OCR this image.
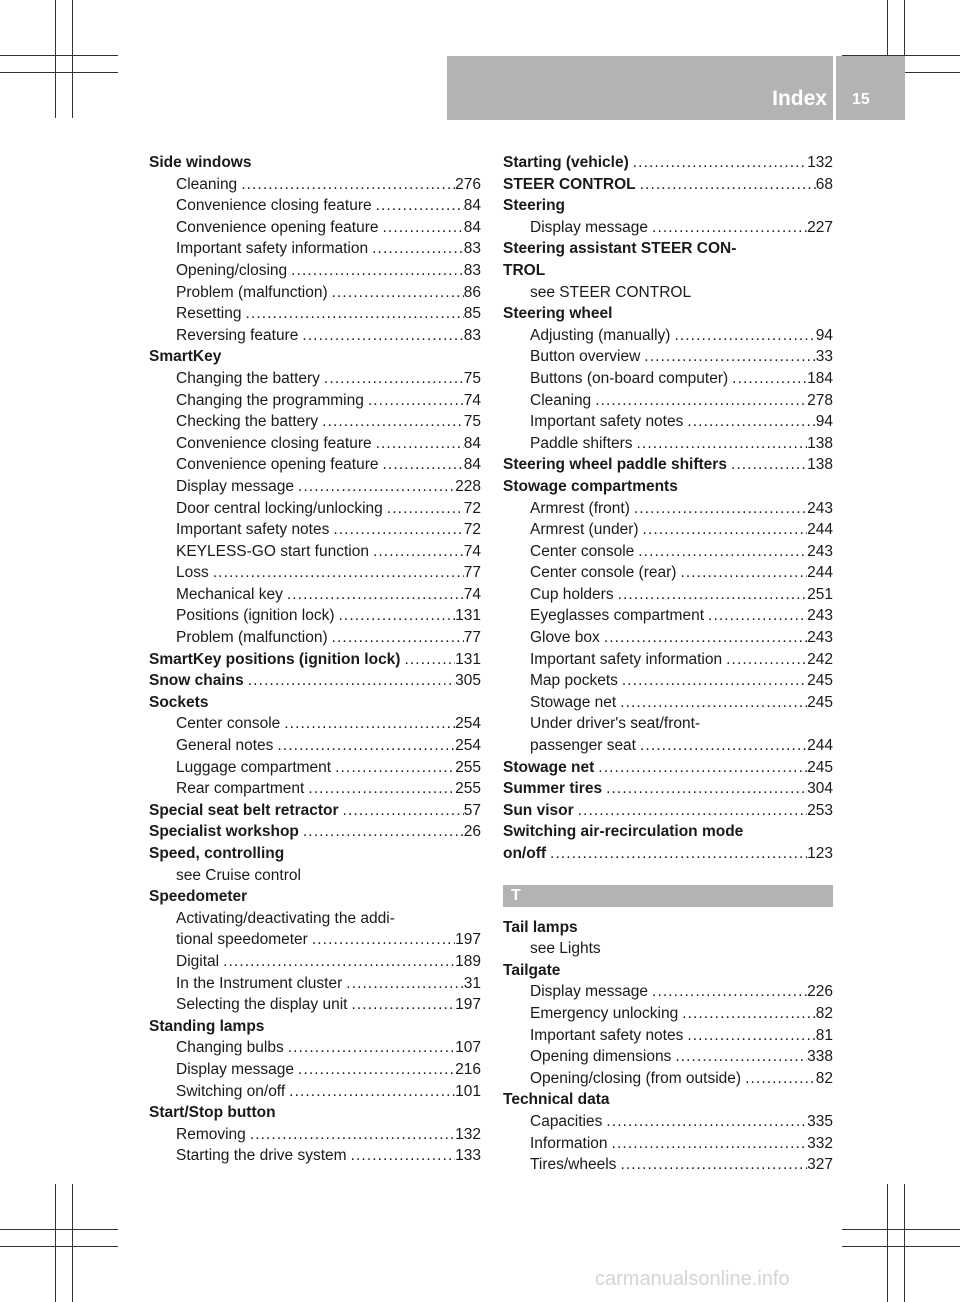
Index 15
Side windows
Cleaning . . .	276
Convenience closing feature . . .	84
Convenience opening feature . . .	84
Important safety information . . .	83
Opening/closing . . .	83
Problem (malfunction) . . .	86
Resetting . . .	85
Reversing feature . . .	83
SmartKey
Changing the battery . . .	75
Changing the programming . . .	74
Checking the battery . . .	75
Convenience closing feature . . .	84
Convenience opening feature . . .	84
Display message . . .	228
Door central locking/unlocking . . .	72
Important safety notes . . .	72
KEYLESS-GO start function . . .	74
Loss . . .	77
Mechanical key . . .	74
Positions (ignition lock) . . .	131
Problem (malfunction) . . .	77
SmartKey positions (ignition lock) . . .	131
Snow chains . . .	305
Sockets
Center console . . .	254
General notes . . .	254
Luggage compartment . . .	255
Rear compartment . . .	255
Special seat belt retractor . . .	57
Specialist workshop . . .	26
Speed, controlling
see Cruise control
Speedometer
Activating/deactivating the addi-
tional speedometer . . .	197
Digital . . .	189
In the Instrument cluster . . .	31
Selecting the display unit . . .	197
Standing lamps
Changing bulbs . . .	107
Display message . . .	216
Switching on/off . . .	101
Start/Stop button
Removing . . .	132
Starting the drive system . . .	133
Starting (vehicle) . . .	132
STEER CONTROL . . .	68
Steering
Display message . . .	227
Steering assistant STEER CON-
TROL
see STEER CONTROL
Steering wheel
Adjusting (manually) . . .	94
Button overview . . .	33
Buttons (on-board computer) . . .	184
Cleaning . . .	278
Important safety notes . . .	94
Paddle shifters . . .	138
Steering wheel paddle shifters . . .	138
Stowage compartments
Armrest (front) . . .	243
Armrest (under) . . .	244
Center console . . .	243
Center console (rear) . . .	244
Cup holders . . .	251
Eyeglasses compartment . . .	243
Glove box . . .	243
Important safety information . . .	242
Map pockets . . .	245
Stowage net . . .	245
Under driver's seat/front-
passenger seat . . .	244
Stowage net . . .	245
Summer tires . . .	304
Sun visor . . .	253
Switching air-recirculation mode
on/off . . .	123
T
Tail lamps
see Lights
Tailgate
Display message . . .	226
Emergency unlocking . . .	82
Important safety notes . . .	81
Opening dimensions . . .	338
Opening/closing (from outside) . . .	82
Technical data
Capacities . . .	335
Information . . .	332
Tires/wheels . . .	327
carmanualsonline.info
